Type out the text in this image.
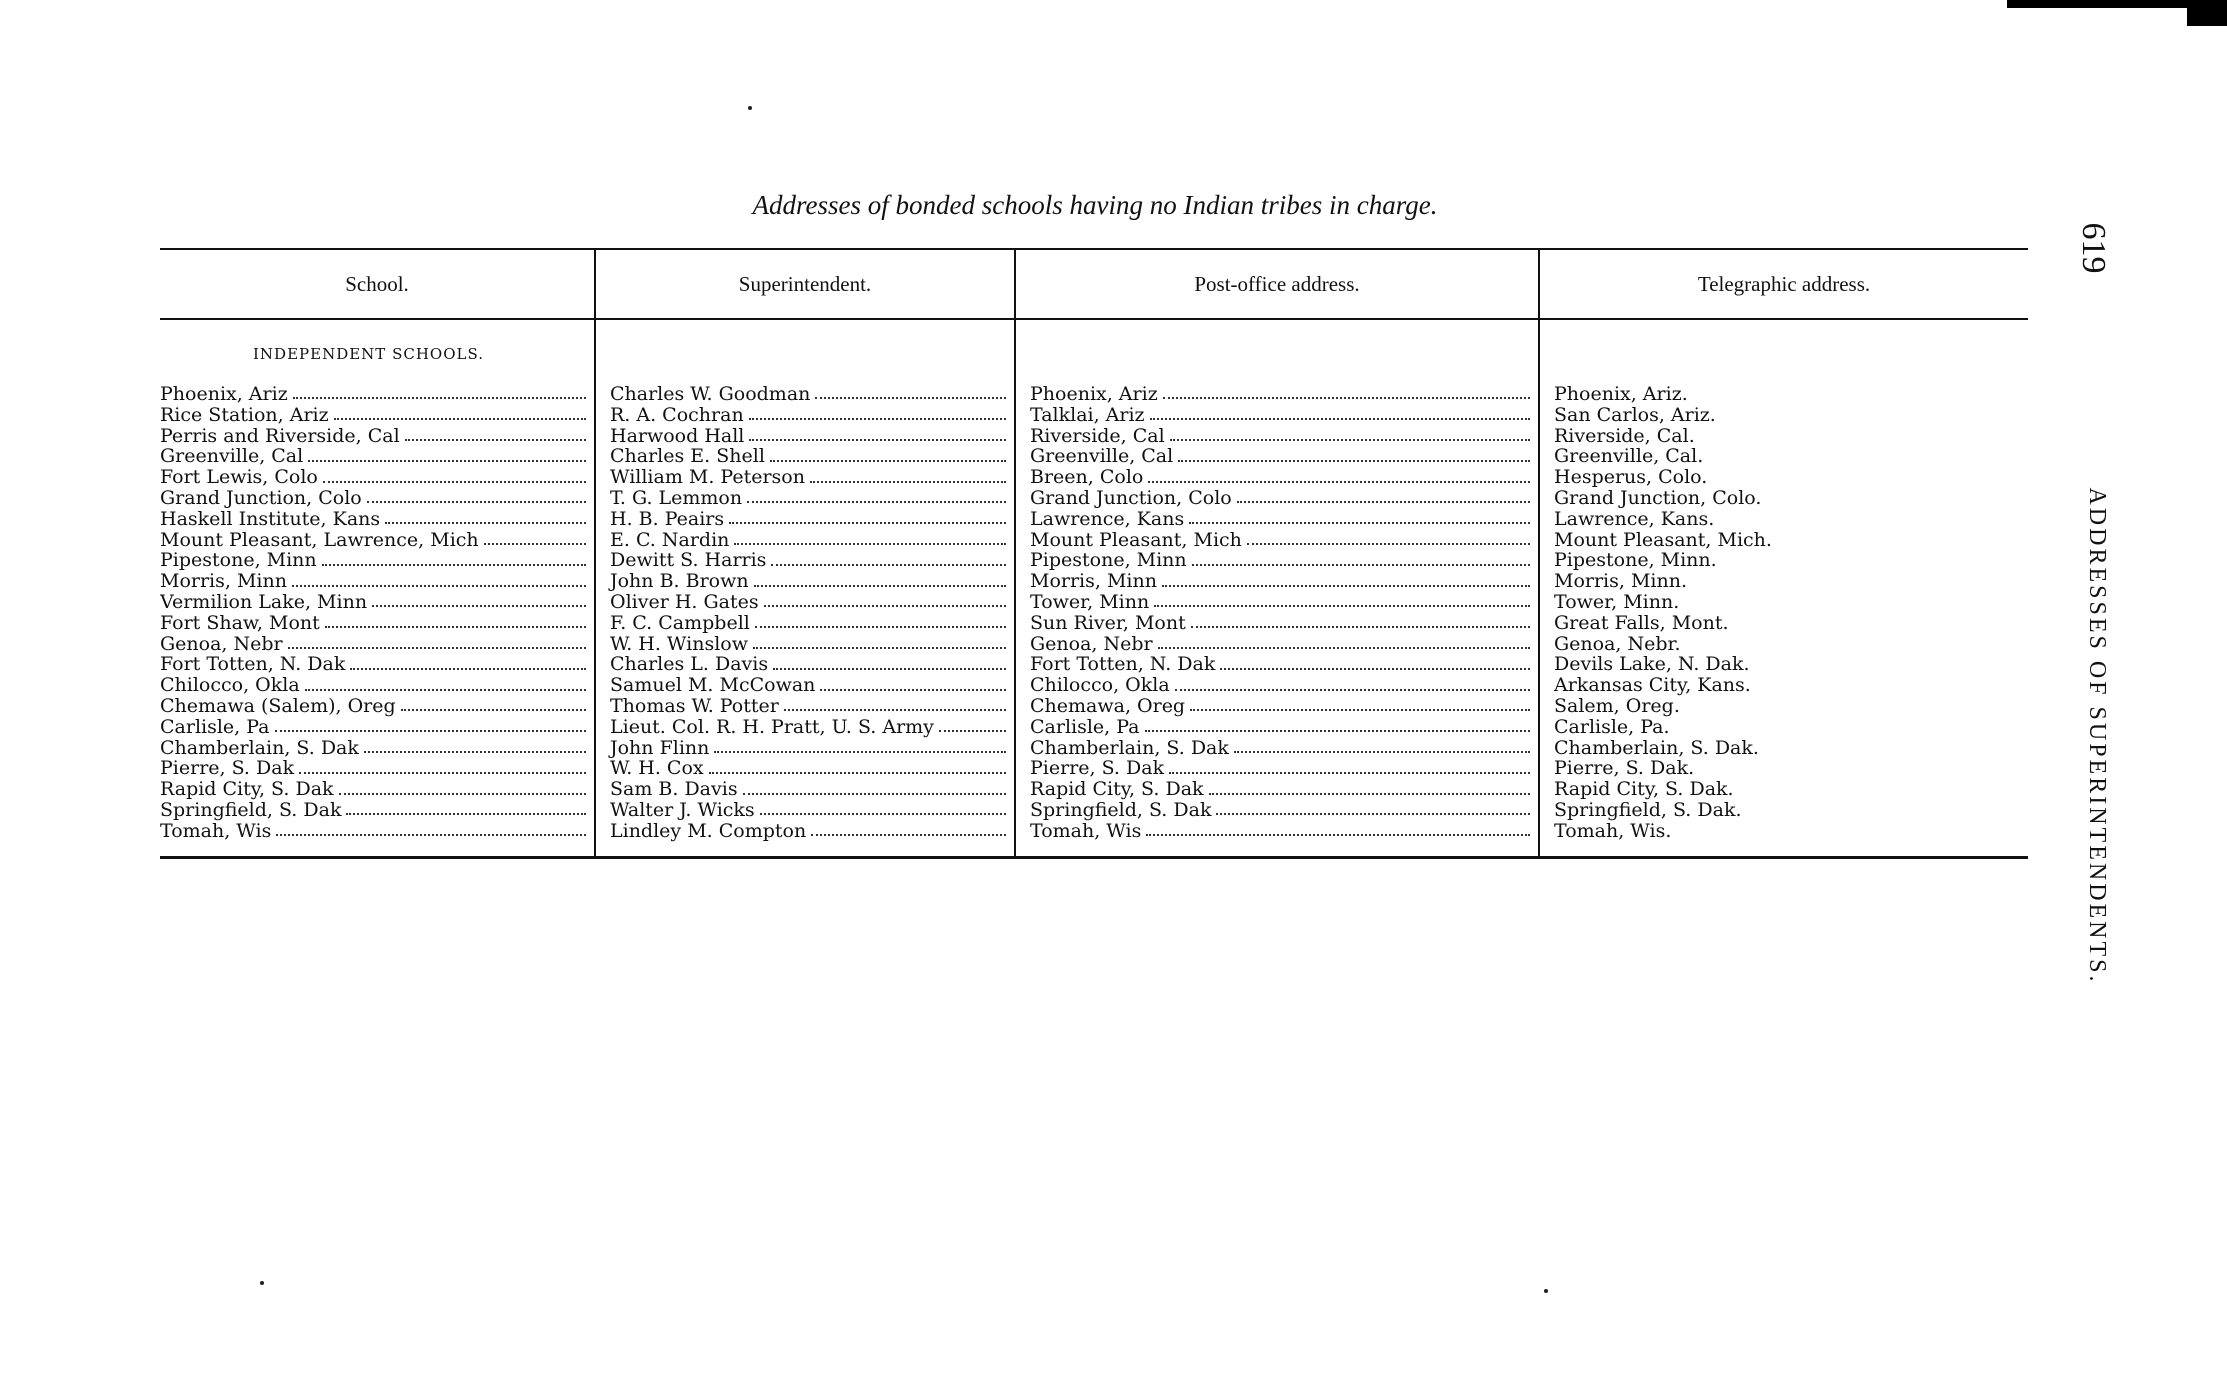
Addresses of bonded schools having no Indian tribes in charge.
619
ADDRESSES OF SUPERINTENDENTS.
School.
INDEPENDENT SCHOOLS.
Phoenix, Ariz
Rice Station, Ariz
Perris and Riverside, Cal
Greenville, Cal
Fort Lewis, Colo
Grand Junction, Colo
Haskell Institute, Kans
Mount Pleasant, Lawrence, Mich
Pipestone, Minn
Morris, Minn
Vermilion Lake, Minn
Fort Shaw, Mont
Genoa, Nebr
Fort Totten, N. Dak
Chilocco, Okla
Chemawa (Salem), Oreg
Carlisle, Pa
Chamberlain, S. Dak
Pierre, S. Dak
Rapid City, S. Dak
Springfield, S. Dak
Tomah, Wis
Superintendent.
Charles W. Goodman
R. A. Cochran
Harwood Hall
Charles E. Shell
William M. Peterson
T. G. Lemmon
H. B. Peairs
E. C. Nardin
Dewitt S. Harris
John B. Brown
Oliver H. Gates
F. C. Campbell
W. H. Winslow
Charles L. Davis
Samuel M. McCowan
Thomas W. Potter
Lieut. Col. R. H. Pratt, U. S. Army
John Flinn
W. H. Cox
Sam B. Davis
Walter J. Wicks
Lindley M. Compton
Post-office address.
Phoenix, Ariz
Talklai, Ariz
Riverside, Cal
Greenville, Cal
Breen, Colo
Grand Junction, Colo
Lawrence, Kans
Mount Pleasant, Mich
Pipestone, Minn
Morris, Minn
Tower, Minn
Sun River, Mont
Genoa, Nebr
Fort Totten, N. Dak
Chilocco, Okla
Chemawa, Oreg
Carlisle, Pa
Chamberlain, S. Dak
Pierre, S. Dak
Rapid City, S. Dak
Springfield, S. Dak
Tomah, Wis
Telegraphic address.
Phoenix, Ariz.
San Carlos, Ariz.
Riverside, Cal.
Greenville, Cal.
Hesperus, Colo.
Grand Junction, Colo.
Lawrence, Kans.
Mount Pleasant, Mich.
Pipestone, Minn.
Morris, Minn.
Tower, Minn.
Great Falls, Mont.
Genoa, Nebr.
Devils Lake, N. Dak.
Arkansas City, Kans.
Salem, Oreg.
Carlisle, Pa.
Chamberlain, S. Dak.
Pierre, S. Dak.
Rapid City, S. Dak.
Springfield, S. Dak.
Tomah, Wis.
